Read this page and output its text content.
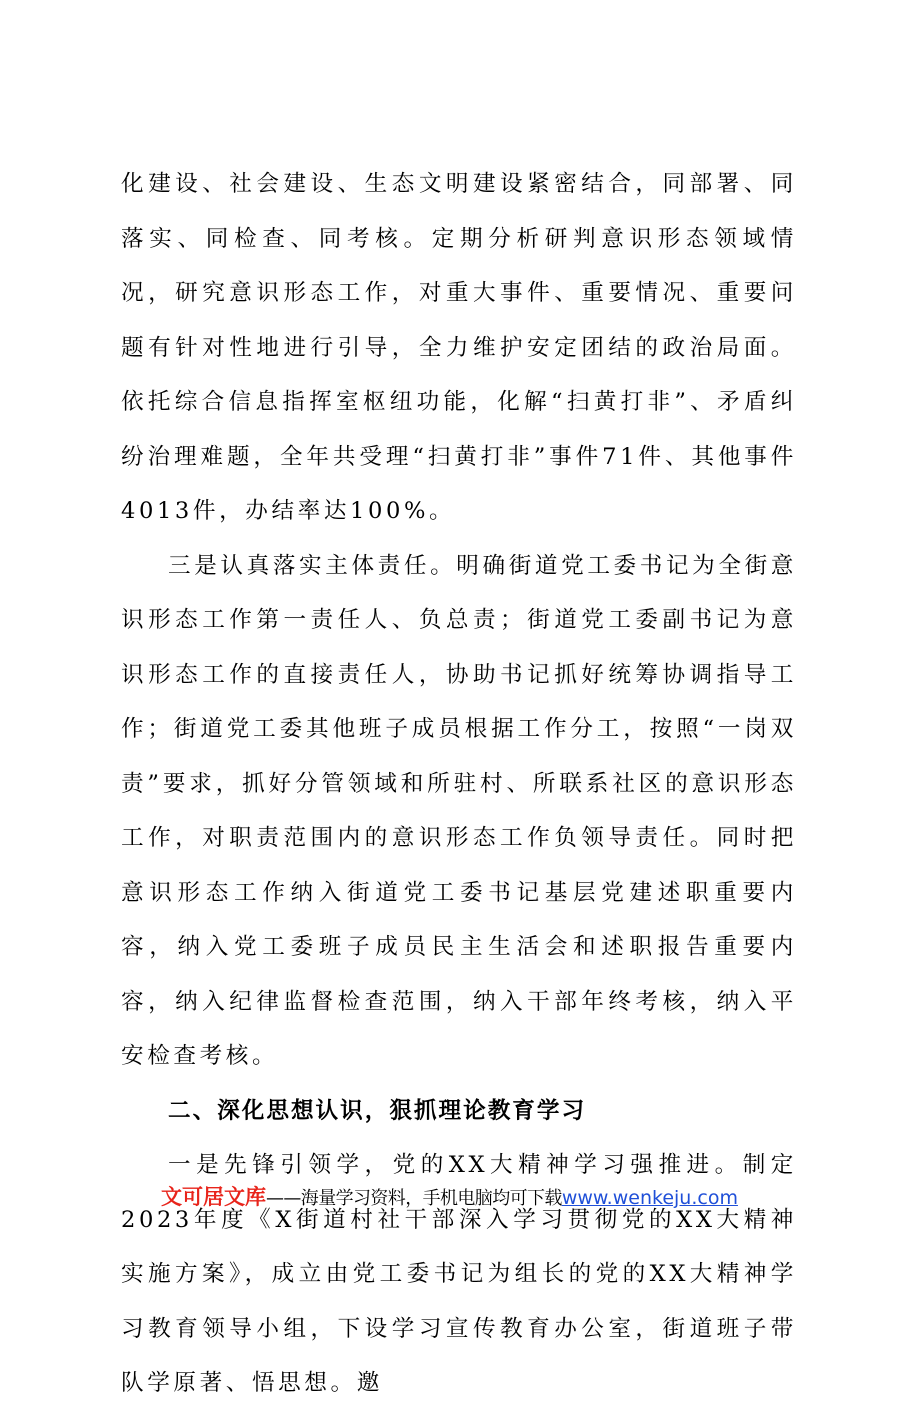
化建设、社会建设、生态文明建设紧密结合，同部署、同落实、同检查、同考核。定期分析研判意识形态领域情况，研究意识形态工作，对重大事件、重要情况、重要问题有针对性地进行引导，全力维护安定团结的政治局面。依托综合信息指挥室枢纽功能，化解“扫黄打非”、矛盾纠纷治理难题，全年共受理“扫黄打非”事件71件、其他事件4013件，办结率达100%。

三是认真落实主体责任。明确街道党工委书记为全街意识形态工作第一责任人、负总责；街道党工委副书记为意识形态工作的直接责任人，协助书记抓好统筹协调指导工作；街道党工委其他班子成员根据工作分工，按照“一岗双责”要求，抓好分管领域和所驻村、所联系社区的意识形态工作，对职责范围内的意识形态工作负领导责任。同时把意识形态工作纳入街道党工委书记基层党建述职重要内容，纳入党工委班子成员民主生活会和述职报告重要内容，纳入纪律监督检查范围，纳入干部年终考核，纳入平安检查考核。

二、深化思想认识，狠抓理论教育学习

一是先锋引领学，党的XX大精神学习强推进。制定2023年度《X街道村社干部深入学习贯彻党的XX大精神实施方案》，成立由党工委书记为组长的党的XX大精神学习教育领导小组，下设学习宣传教育办公室，街道班子带队学原著、悟思想。邀

文可居文库——海量学习资料，手机电脑均可下载www.wenkeju.com
